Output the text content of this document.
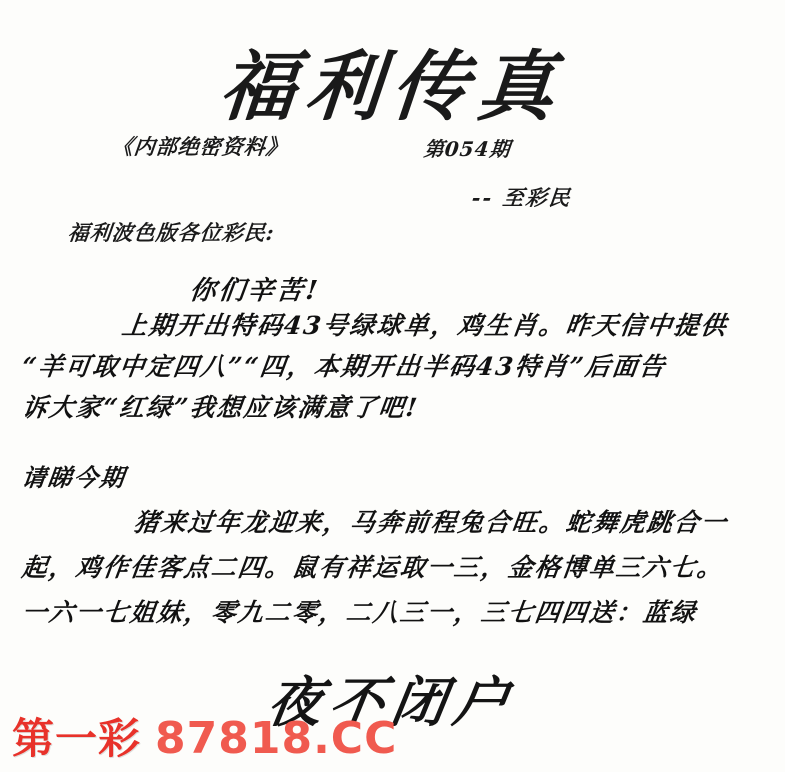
福利传真
《内部绝密资料》	第054期
-- 至彩民
福利波色版各位彩民:
你们辛苦!
上期开出特码43号绿球单，鸡生肖。昨天信中提供
“羊可取中定四八”“四，本期开出半码43特肖”后面告
诉大家“红绿”我想应该满意了吧!
请睇今期
猪来过年龙迎来，马奔前程兔合旺。蛇舞虎跳合一
起，鸡作佳客点二四。鼠有祥运取一三，金格博单三六七。
一六一七姐妹，零九二零，二八三一，三七四四送：蓝绿
夜不闭户
第一彩 87818.CC
